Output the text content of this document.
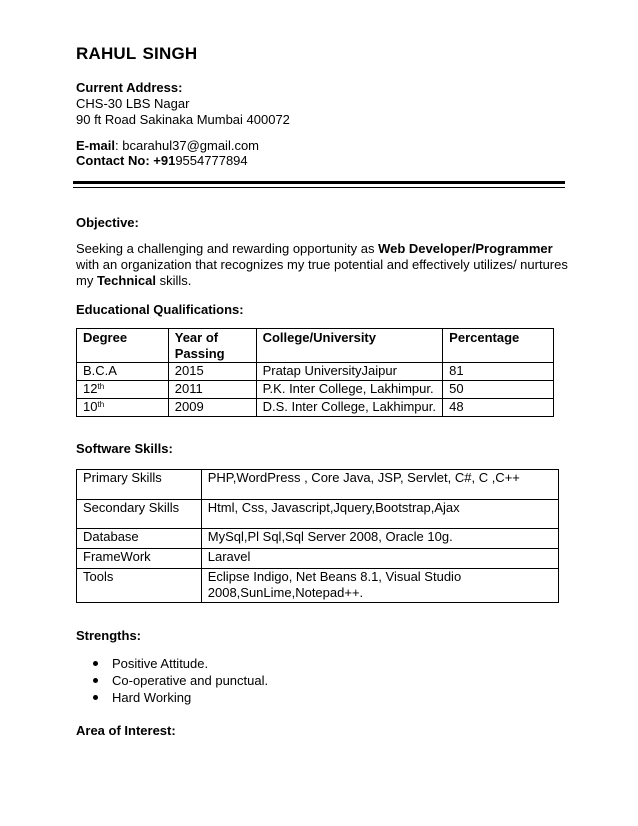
RAHUL SINGH
Current Address:
CHS-30 LBS Nagar
90 ft Road Sakinaka Mumbai 400072
E-mail: bcarahul37@gmail.com
Contact No: +919554777894
Objective:
Seeking a challenging and rewarding opportunity as Web Developer/Programmer with an organization that recognizes my true potential and effectively utilizes/ nurtures my Technical skills.
Educational Qualifications:
Degree	Year of Passing	College/University	Percentage
B.C.A	2015	Pratap UniversityJaipur	81
12th	2011	P.K. Inter College, Lakhimpur.	50
10th	2009	D.S. Inter College, Lakhimpur.	48
Software Skills:
Primary Skills	PHP,WordPress , Core Java, JSP, Servlet, C#, C ,C++
Secondary Skills	Html, Css, Javascript,Jquery,Bootstrap,Ajax
Database	MySql,Pl Sql,Sql Server 2008, Oracle 10g.
FrameWork	Laravel
Tools	Eclipse Indigo, Net Beans 8.1, Visual Studio 2008,SunLime,Notepad++.
Strengths:
Positive Attitude.
Co-operative and punctual.
Hard Working
Area of Interest:
